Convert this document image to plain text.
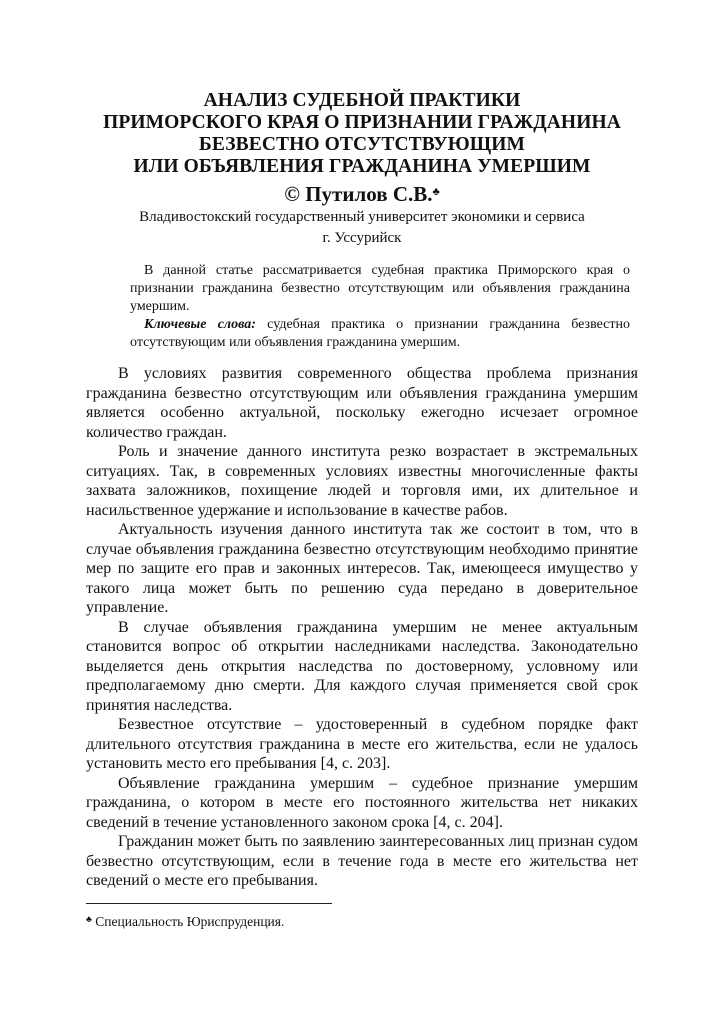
АНАЛИЗ СУДЕБНОЙ ПРАКТИКИ
ПРИМОРСКОГО КРАЯ О ПРИЗНАНИИ ГРАЖДАНИНА
БЕЗВЕСТНО ОТСУТСТВУЮЩИМ
ИЛИ ОБЪЯВЛЕНИЯ ГРАЖДАНИНА УМЕРШИМ
© Путилов С.В.♣
Владивостокский государственный университет экономики и сервиса
г. Уссурийск

В данной статье рассматривается судебная практика Приморского края о признании гражданина безвестно отсутствующим или объявления гражданина умершим.

Ключевые слова: судебная практика о признании гражданина безвестно отсутствующим или объявления гражданина умершим.

В условиях развития современного общества проблема признания гражданина безвестно отсутствующим или объявления гражданина умершим является особенно актуальной, поскольку ежегодно исчезает огромное количество граждан.

Роль и значение данного института резко возрастает в экстремальных ситуациях. Так, в современных условиях известны многочисленные факты захвата заложников, похищение людей и торговля ими, их длительное и насильственное удержание и использование в качестве рабов.

Актуальность изучения данного института так же состоит в том, что в случае объявления гражданина безвестно отсутствующим необходимо принятие мер по защите его прав и законных интересов. Так, имеющееся имущество у такого лица может быть по решению суда передано в доверительное управление.

В случае объявления гражданина умершим не менее актуальным становится вопрос об открытии наследниками наследства. Законодательно выделяется день открытия наследства по достоверному, условному или предполагаемому дню смерти. Для каждого случая применяется свой срок принятия наследства.

Безвестное отсутствие – удостоверенный в судебном порядке факт длительного отсутствия гражданина в месте его жительства, если не удалось установить место его пребывания [4, с. 203].

Объявление гражданина умершим – судебное признание умершим гражданина, о котором в месте его постоянного жительства нет никаких сведений в течение установленного законом срока [4, с. 204].

Гражданин может быть по заявлению заинтересованных лиц признан судом безвестно отсутствующим, если в течение года в месте его жительства нет сведений о месте его пребывания.

♣ Специальность Юриспруденция.
